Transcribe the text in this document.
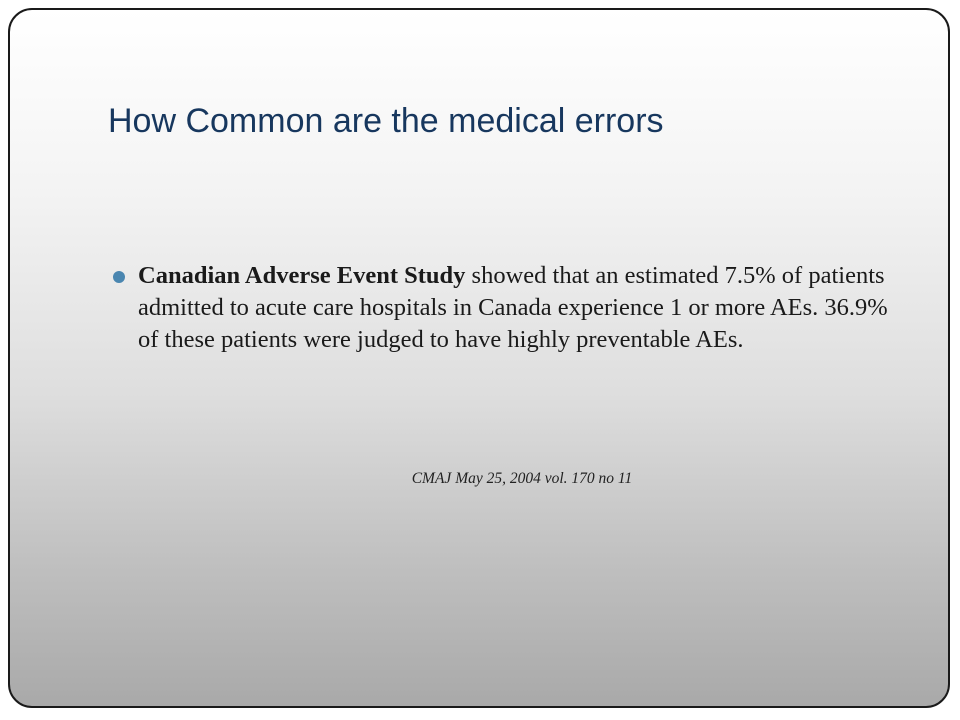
How Common are the medical errors
Canadian Adverse Event Study showed that an estimated 7.5% of patients admitted to acute care hospitals in Canada experience 1 or more AEs. 36.9% of these patients were judged to have highly preventable AEs.

CMAJ May 25, 2004 vol. 170 no 11
